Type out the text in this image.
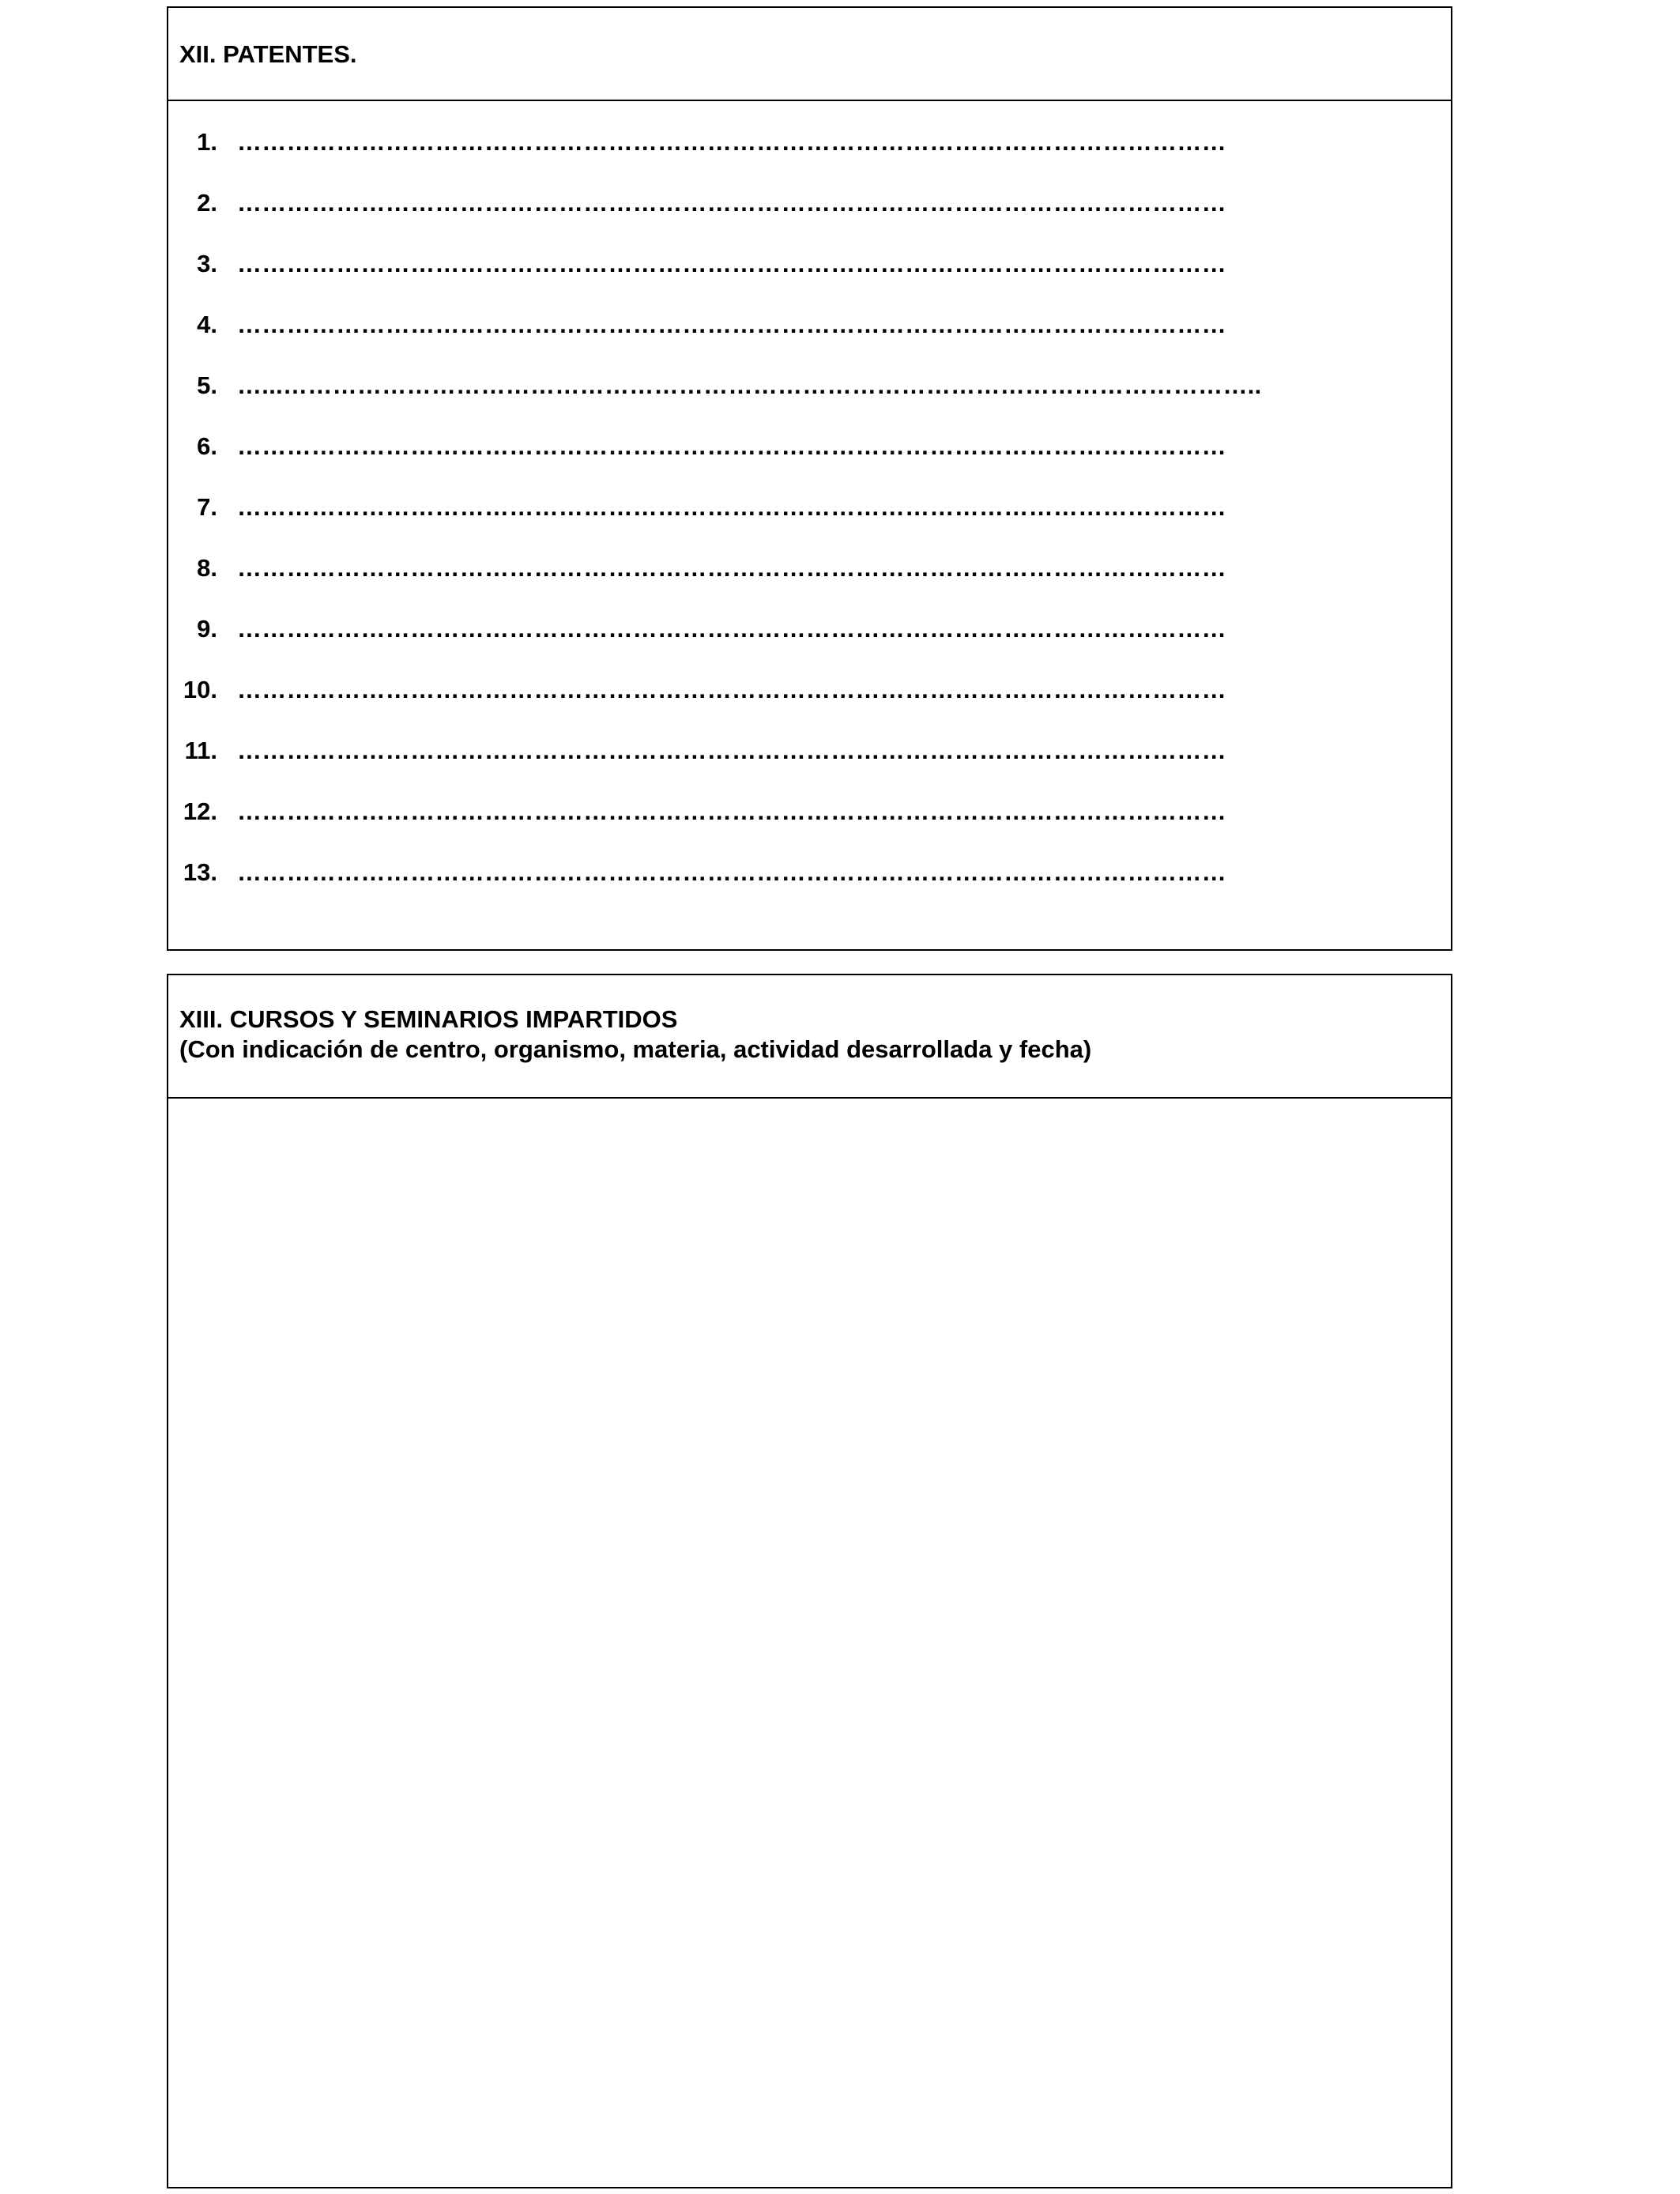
XII. PATENTES.
1. …………………………………………………………………………………………………………
2. …………………………………………………………………………………………………………
3. …………………………………………………………………………………………………………
4. …………………………………………………………………………………………………………
5. …...………………………………………………………………………………………………………..
6. …………………………………………………………………………………………………………
7. …………………………………………………………………………………………………………
8. …………………………………………………………………………………………………………
9. …………………………………………………………………………………………………………
10. …………………………………………………………………………………………………………
11. …………………………………………………………………………………………………………
12. …………………………………………………………………………………………………………
13. …………………………………………………………………………………………………………
XIII. CURSOS Y SEMINARIOS IMPARTIDOS
(Con indicación de centro, organismo, materia, actividad desarrollada y fecha)
